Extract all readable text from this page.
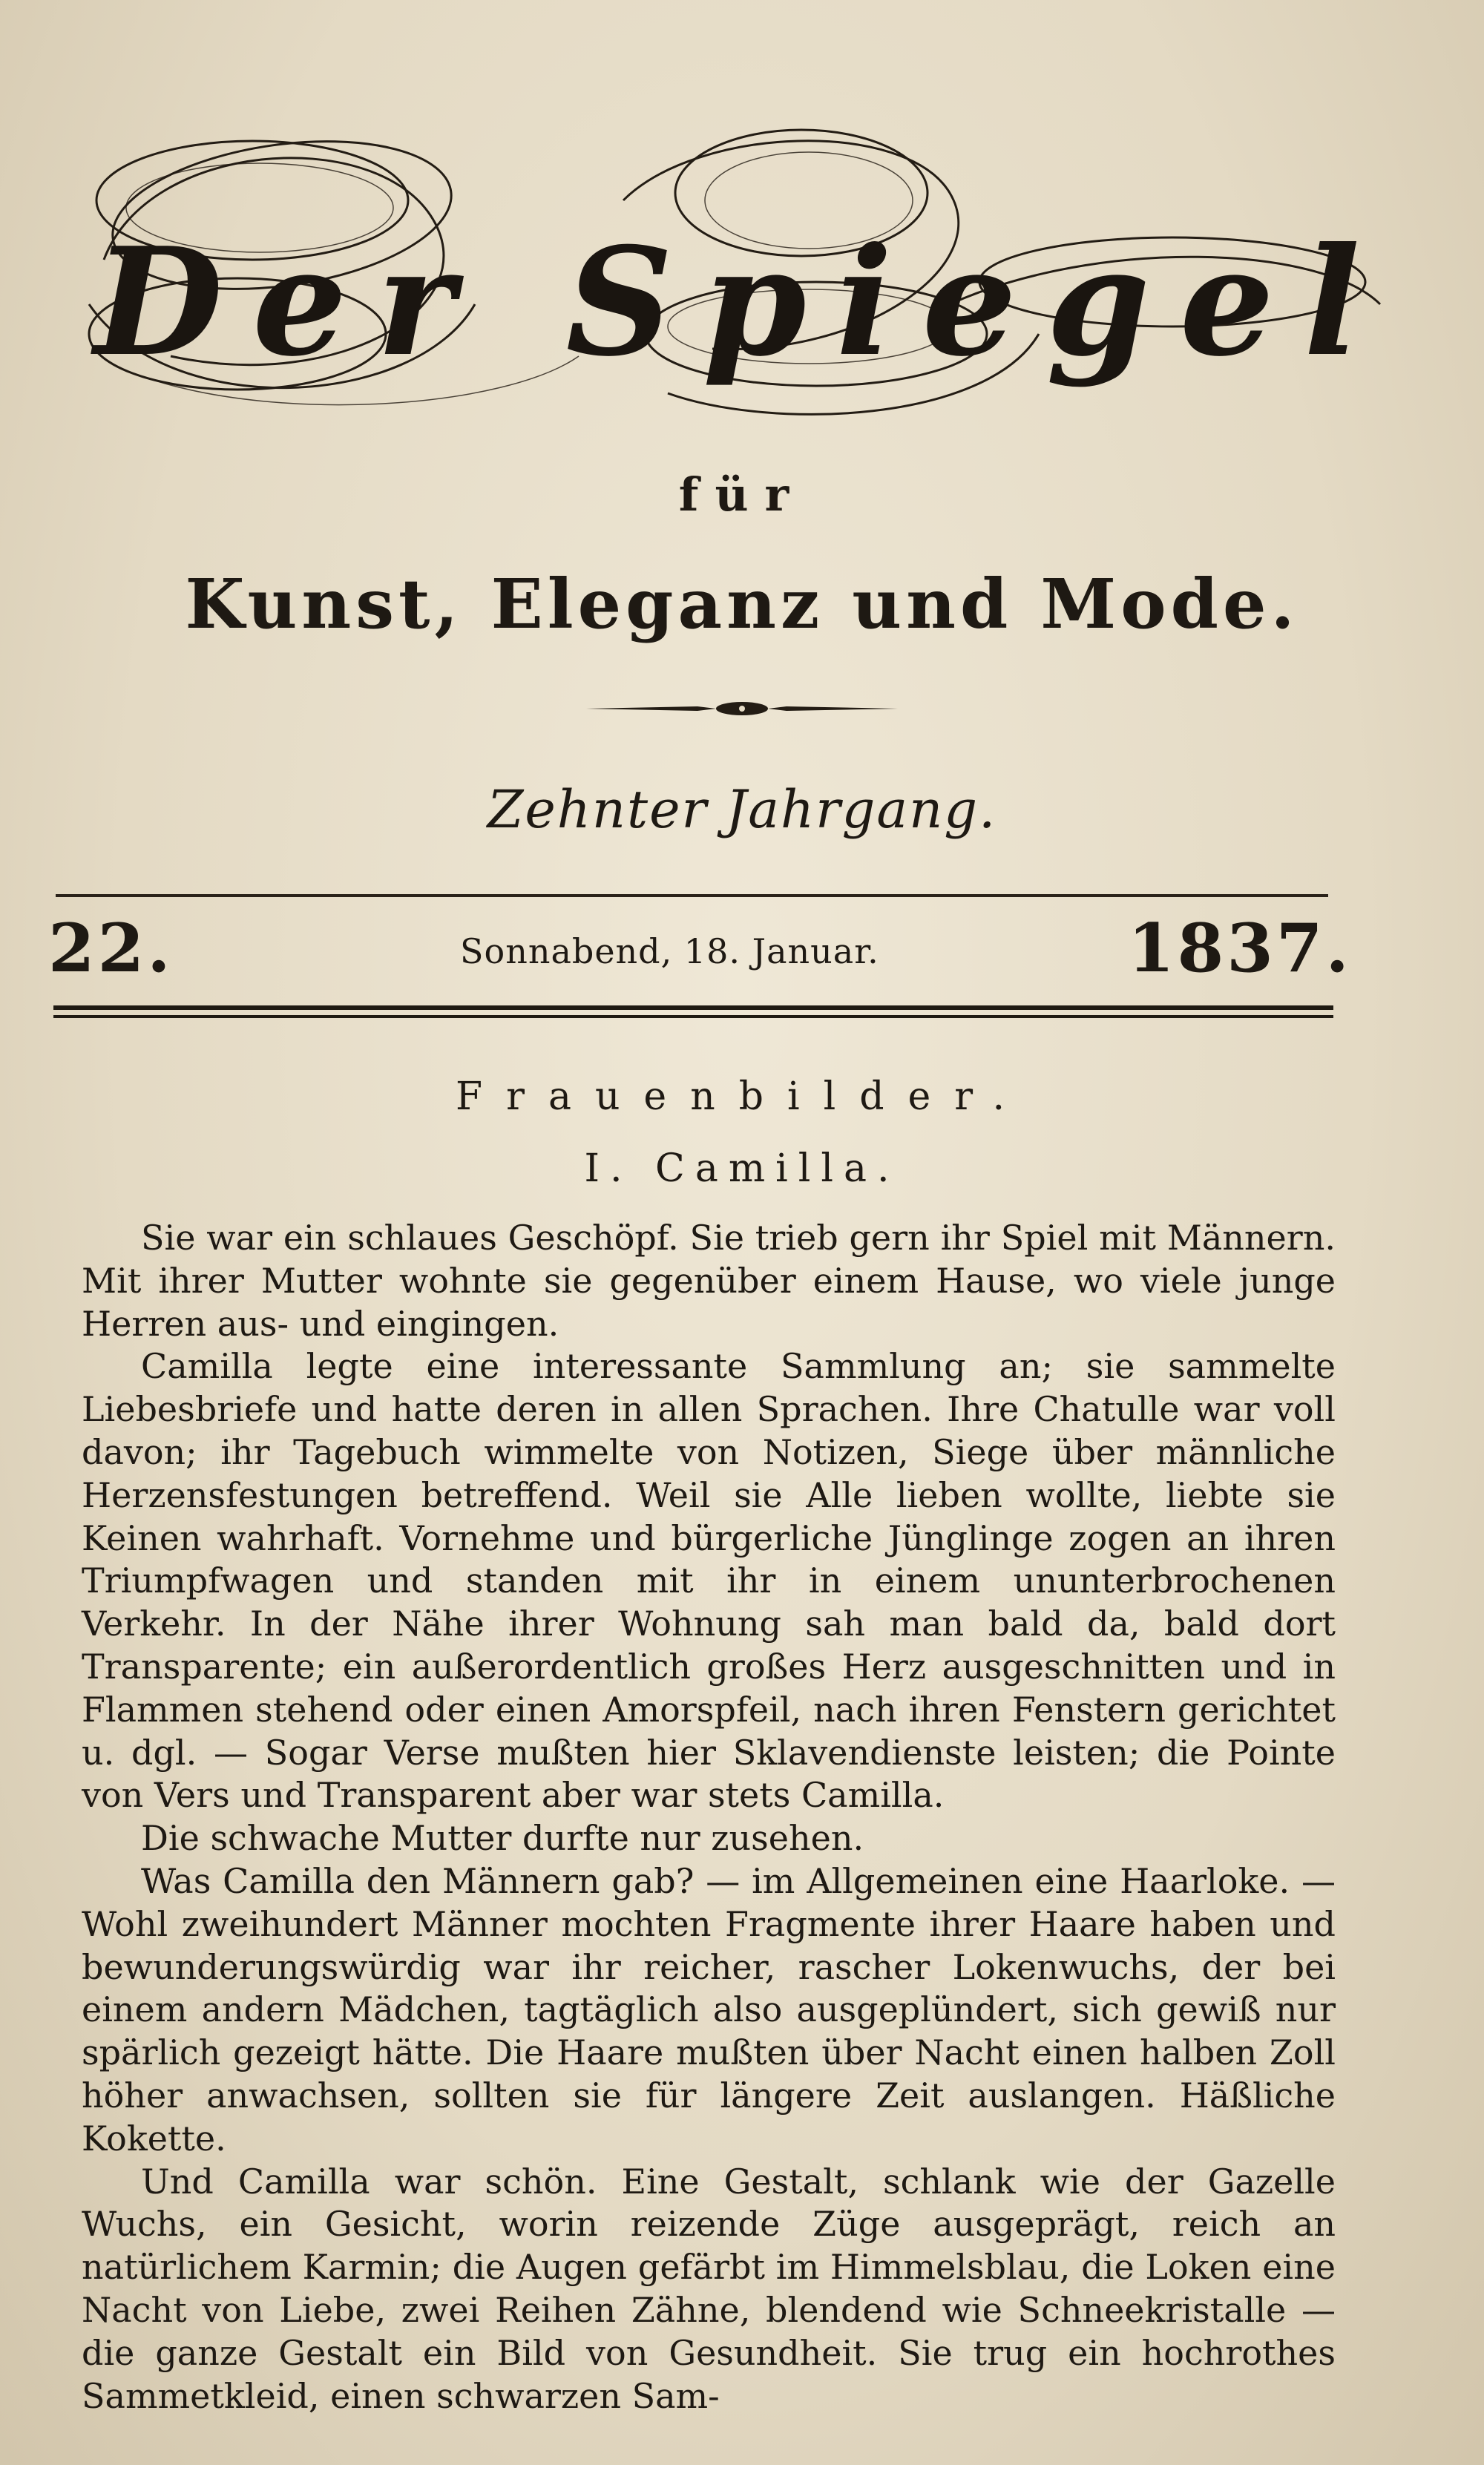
Der Spiegel
für
Kunst, Eleganz und Mode.
Zehnter Jahrgang.
22.	Sonnabend, 18. Januar.	1837.
Frauenbilder.
I. Camilla.

Sie war ein schlaues Geschöpf. Sie trieb gern ihr Spiel mit Männern. Mit ihrer Mutter wohnte sie gegenüber einem Hause, wo viele junge Herren aus- und eingingen.

Camilla legte eine interessante Sammlung an; sie sammelte Liebesbriefe und hatte deren in allen Sprachen. Ihre Chatulle war voll davon; ihr Tagebuch wimmelte von Notizen, Siege über männliche Herzensfestungen betreffend. Weil sie Alle lieben wollte, liebte sie Keinen wahrhaft. Vornehme und bürgerliche Jünglinge zogen an ihren Triumpfwagen und standen mit ihr in einem ununterbrochenen Verkehr. In der Nähe ihrer Wohnung sah man bald da, bald dort Transparente; ein außerordentlich großes Herz ausgeschnitten und in Flammen stehend oder einen Amorspfeil, nach ihren Fenstern gerichtet u. dgl. — Sogar Verse mußten hier Sklavendienste leisten; die Pointe von Vers und Transparent aber war stets Camilla.

Die schwache Mutter durfte nur zusehen.

Was Camilla den Männern gab? — im Allgemeinen eine Haarloke. — Wohl zweihundert Männer mochten Fragmente ihrer Haare haben und bewunderungswürdig war ihr reicher, rascher Lokenwuchs, der bei einem andern Mädchen, tagtäglich also ausgeplündert, sich gewiß nur spärlich gezeigt hätte. Die Haare mußten über Nacht einen halben Zoll höher anwachsen, sollten sie für längere Zeit auslangen. Häßliche Kokette.

Und Camilla war schön. Eine Gestalt, schlank wie der Gazelle Wuchs, ein Gesicht, worin reizende Züge ausgeprägt, reich an natürlichem Karmin; die Augen gefärbt im Himmelsblau, die Loken eine Nacht von Liebe, zwei Reihen Zähne, blendend wie Schneekristalle — die ganze Gestalt ein Bild von Gesundheit. Sie trug ein hochrothes Sammetkleid, einen schwarzen Sam-
